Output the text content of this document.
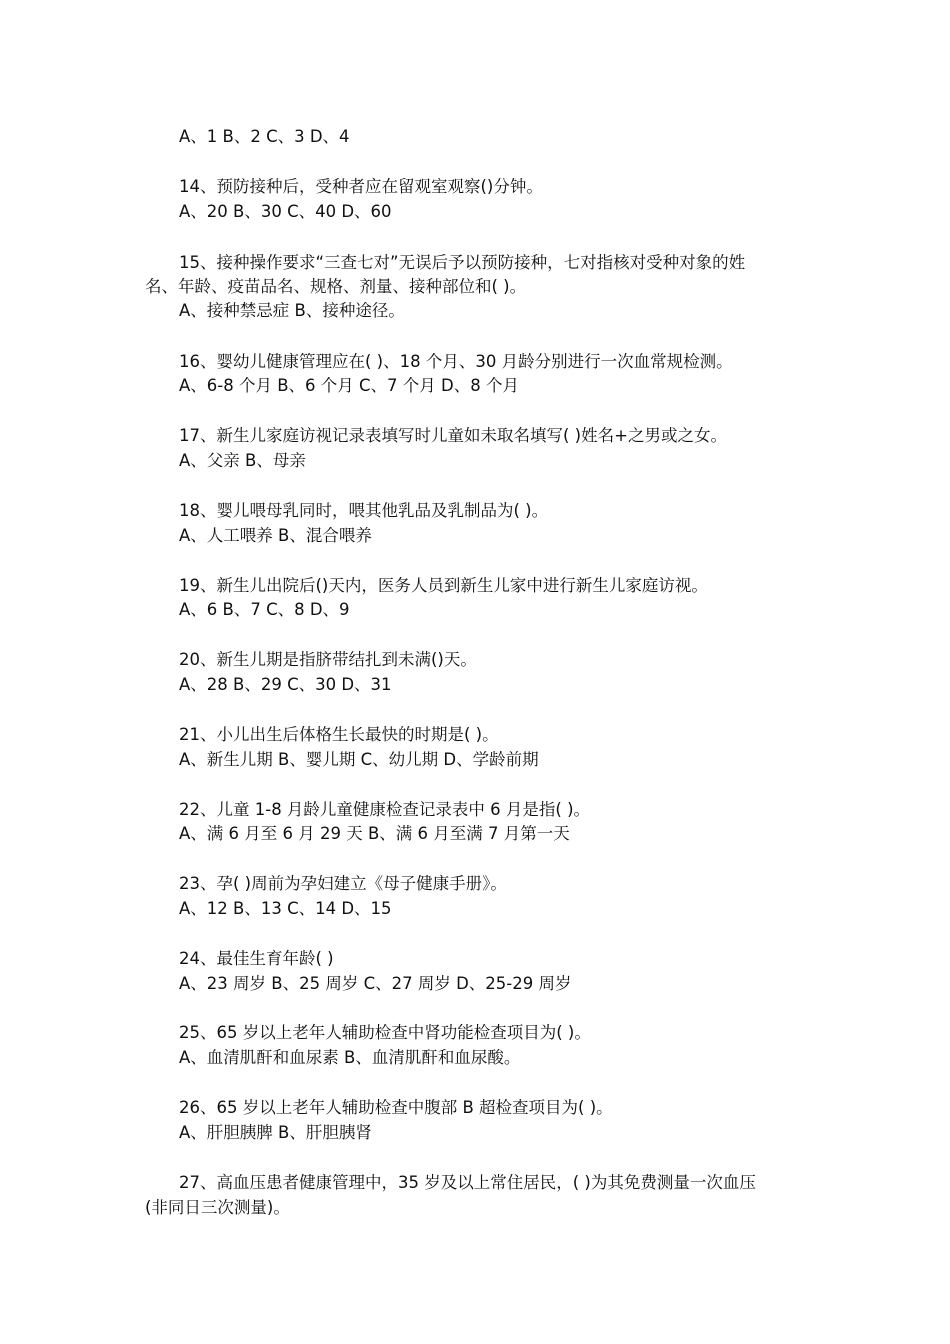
A、1 B、2 C、3 D、4
14、预防接种后，受种者应在留观室观察()分钟。
A、20 B、30 C、40 D、60
15、接种操作要求“三查七对”无误后予以预防接种，七对指核对受种对象的姓
名、年龄、疫苗品名、规格、剂量、接种部位和( )。
A、接种禁忌症 B、接种途径。
16、婴幼儿健康管理应在( )、18 个月、30 月龄分别进行一次血常规检测。
A、6-8 个月 B、6 个月 C、7 个月 D、8 个月
17、新生儿家庭访视记录表填写时儿童如未取名填写( )姓名+之男或之女。
A、父亲 B、母亲
18、婴儿喂母乳同时，喂其他乳品及乳制品为( )。
A、人工喂养 B、混合喂养
19、新生儿出院后()天内，医务人员到新生儿家中进行新生儿家庭访视。
A、6 B、7 C、8 D、9
20、新生儿期是指脐带结扎到未满()天。
A、28 B、29 C、30 D、31
21、小儿出生后体格生长最快的时期是( )。
A、新生儿期 B、婴儿期 C、幼儿期 D、学龄前期
22、儿童 1-8 月龄儿童健康检查记录表中 6 月是指( )。
A、满 6 月至 6 月 29 天 B、满 6 月至满 7 月第一天
23、孕( )周前为孕妇建立《母子健康手册》。
A、12 B、13 C、14 D、15
24、最佳生育年龄( )
A、23 周岁 B、25 周岁 C、27 周岁 D、25-29 周岁
25、65 岁以上老年人辅助检查中肾功能检查项目为( )。
A、血清肌酐和血尿素 B、血清肌酐和血尿酸。
26、65 岁以上老年人辅助检查中腹部 B 超检查项目为( )。
A、肝胆胰脾 B、肝胆胰肾
27、高血压患者健康管理中，35 岁及以上常住居民，( )为其免费测量一次血压
(非同日三次测量)。
